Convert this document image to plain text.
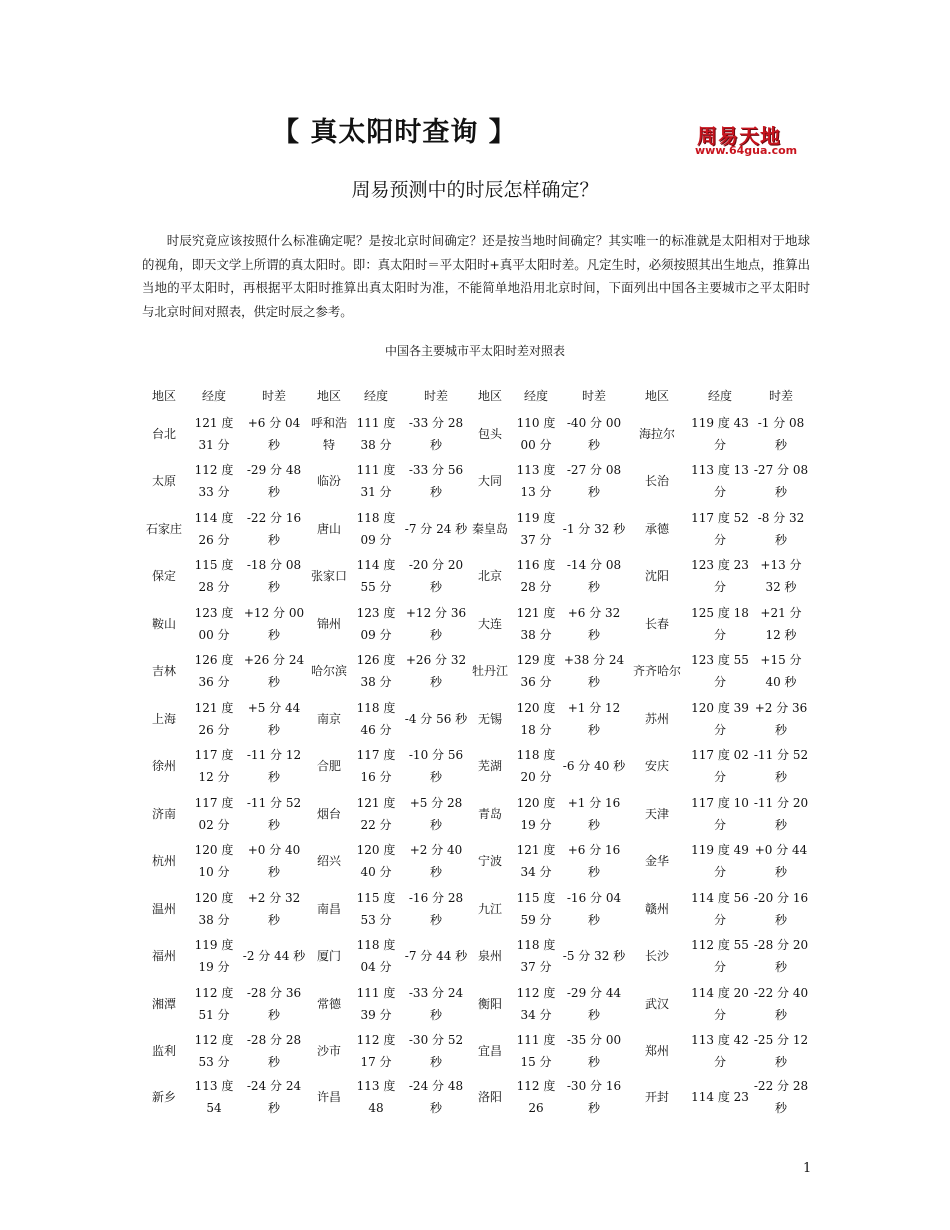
【 真太阳时查询 】	周易天地
www.64gua.com
周易预测中的时辰怎样确定？
时辰究竟应该按照什么标准确定呢？是按北京时间确定？还是按当地时间确定？其实唯一的标准就是太阳相对于地球的视角，即天文学上所谓的真太阳时。即：真太阳时＝平太阳时+真平太阳时差。凡定生时，必须按照其出生地点，推算出当地的平太阳时，再根据平太阳时推算出真太阳时为准，不能简单地沿用北京时间，下面列出中国各主要城市之平太阳时与北京时间对照表，供定时辰之参考。
中国各主要城市平太阳时差对照表
地区	经度	时差	地区	经度	时差	地区	经度	时差	地区	经度	时差
台北	121 度 31 分	+6 分 04 秒	呼和浩特	111 度 38 分	-33 分 28 秒	包头	110 度 00 分	-40 分 00 秒	海拉尔	119 度 43 分	-1 分 08 秒
太原	112 度 33 分	-29 分 48 秒	临汾	111 度 31 分	-33 分 56 秒	大同	113 度 13 分	-27 分 08 秒	长治	113 度 13 分	-27 分 08 秒
石家庄	114 度 26 分	-22 分 16 秒	唐山	118 度 09 分	-7 分 24 秒	秦皇岛	119 度 37 分	-1 分 32 秒	承德	117 度 52 分	-8 分 32 秒
保定	115 度 28 分	-18 分 08 秒	张家口	114 度 55 分	-20 分 20 秒	北京	116 度 28 分	-14 分 08 秒	沈阳	123 度 23 分	+13 分 32 秒
鞍山	123 度 00 分	+12 分 00 秒	锦州	123 度 09 分	+12 分 36 秒	大连	121 度 38 分	+6 分 32 秒	长春	125 度 18 分	+21 分 12 秒
吉林	126 度 36 分	+26 分 24 秒	哈尔滨	126 度 38 分	+26 分 32 秒	牡丹江	129 度 36 分	+38 分 24 秒	齐齐哈尔	123 度 55 分	+15 分 40 秒
上海	121 度 26 分	+5 分 44 秒	南京	118 度 46 分	-4 分 56 秒	无锡	120 度 18 分	+1 分 12 秒	苏州	120 度 39 分	+2 分 36 秒
徐州	117 度 12 分	-11 分 12 秒	合肥	117 度 16 分	-10 分 56 秒	芜湖	118 度 20 分	-6 分 40 秒	安庆	117 度 02 分	-11 分 52 秒
济南	117 度 02 分	-11 分 52 秒	烟台	121 度 22 分	+5 分 28 秒	青岛	120 度 19 分	+1 分 16 秒	天津	117 度 10 分	-11 分 20 秒
杭州	120 度 10 分	+0 分 40 秒	绍兴	120 度 40 分	+2 分 40 秒	宁波	121 度 34 分	+6 分 16 秒	金华	119 度 49 分	+0 分 44 秒
温州	120 度 38 分	+2 分 32 秒	南昌	115 度 53 分	-16 分 28 秒	九江	115 度 59 分	-16 分 04 秒	赣州	114 度 56 分	-20 分 16 秒
福州	119 度 19 分	-2 分 44 秒	厦门	118 度 04 分	-7 分 44 秒	泉州	118 度 37 分	-5 分 32 秒	长沙	112 度 55 分	-28 分 20 秒
湘潭	112 度 51 分	-28 分 36 秒	常德	111 度 39 分	-33 分 24 秒	衡阳	112 度 34 分	-29 分 44 秒	武汉	114 度 20 分	-22 分 40 秒
监利	112 度 53 分	-28 分 28 秒	沙市	112 度 17 分	-30 分 52 秒	宜昌	111 度 15 分	-35 分 00 秒	郑州	113 度 42 分	-25 分 12 秒
新乡	113 度 54	-24 分 24 秒	许昌	113 度 48	-24 分 48 秒	洛阳	112 度 26	-30 分 16 秒	开封	114 度 23	-22 分 28 秒
1
